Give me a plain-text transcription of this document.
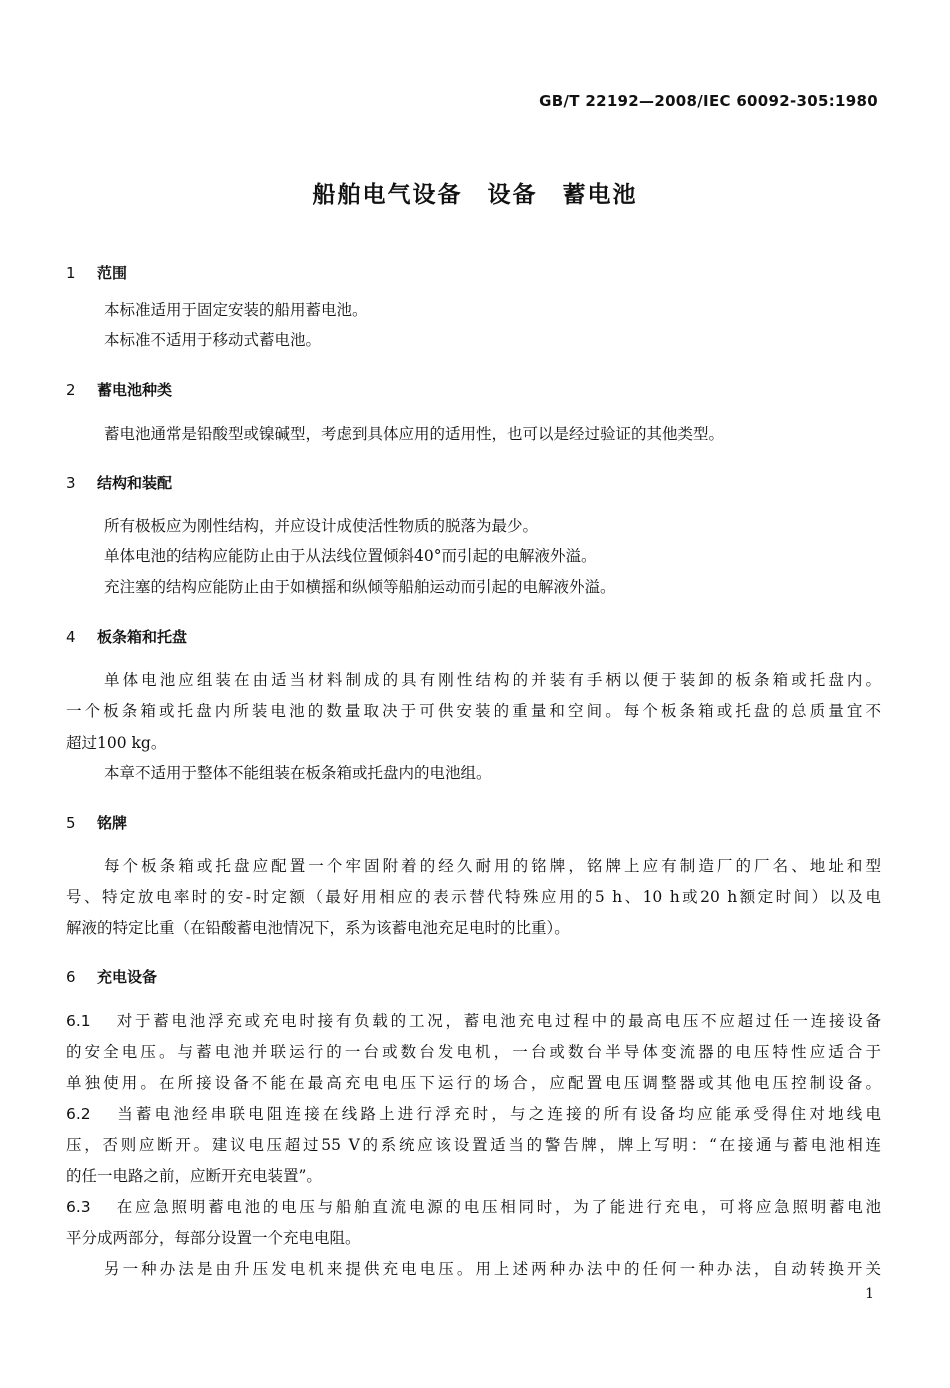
GB/T 22192—2008/IEC 60092-305:1980
船舶电气设备　设备　蓄电池
1 范围
本标准适用于固定安装的船用蓄电池。
本标准不适用于移动式蓄电池。
2 蓄电池种类
蓄电池通常是铅酸型或镍碱型，考虑到具体应用的适用性，也可以是经过验证的其他类型。
3 结构和装配
所有极板应为刚性结构，并应设计成使活性物质的脱落为最少。
单体电池的结构应能防止由于从法线位置倾斜40°而引起的电解液外溢。
充注塞的结构应能防止由于如横摇和纵倾等船舶运动而引起的电解液外溢。
4 板条箱和托盘
单体电池应组装在由适当材料制成的具有刚性结构的并装有手柄以便于装卸的板条箱或托盘内。
一个板条箱或托盘内所装电池的数量取决于可供安装的重量和空间。每个板条箱或托盘的总质量宜不
超过100 kg。
本章不适用于整体不能组装在板条箱或托盘内的电池组。
5 铭牌
每个板条箱或托盘应配置一个牢固附着的经久耐用的铭牌，铭牌上应有制造厂的厂名、地址和型
号、特定放电率时的安-时定额（最好用相应的表示替代特殊应用的5 h、10 h或20 h额定时间）以及电
解液的特定比重（在铅酸蓄电池情况下，系为该蓄电池充足电时的比重）。
6 充电设备
6.1 对于蓄电池浮充或充电时接有负载的工况，蓄电池充电过程中的最高电压不应超过任一连接设备
的安全电压。与蓄电池并联运行的一台或数台发电机，一台或数台半导体变流器的电压特性应适合于
单独使用。在所接设备不能在最高充电电压下运行的场合，应配置电压调整器或其他电压控制设备。
6.2 当蓄电池经串联电阻连接在线路上进行浮充时，与之连接的所有设备均应能承受得住对地线电
压，否则应断开。建议电压超过55 V的系统应该设置适当的警告牌，牌上写明：“在接通与蓄电池相连
的任一电路之前，应断开充电装置”。
6.3 在应急照明蓄电池的电压与船舶直流电源的电压相同时，为了能进行充电，可将应急照明蓄电池
平分成两部分，每部分设置一个充电电阻。
另一种办法是由升压发电机来提供充电电压。用上述两种办法中的任何一种办法，自动转换开关
1
